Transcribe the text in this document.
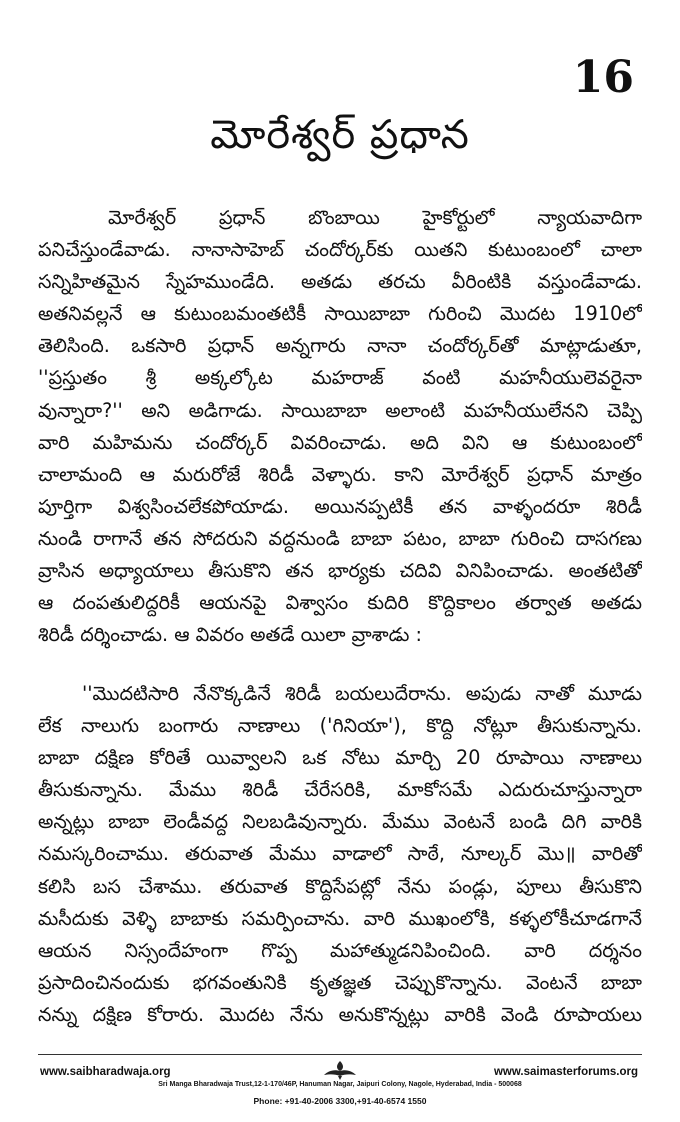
16
మోరేశ్వర్ ప్రధాన
మోరేశ్వర్ ప్రధాన్ బొంబాయి హైకోర్టులో న్యాయవాదిగా
పనిచేస్తుండేవాడు. నానాసాహెబ్ చందోర్కర్‌కు యితని కుటుంబంలో చాలా
సన్నిహితమైన స్నేహముండేది. అతడు తరచు వీరింటికి వస్తుండేవాడు.
అతనివల్లనే ఆ కుటుంబమంతటికీ సాయిబాబా గురించి మొదట 1910లో
తెలిసింది. ఒకసారి ప్రధాన్ అన్నగారు నానా చందోర్కర్‌తో మాట్లాడుతూ,
''ప్రస్తుతం శ్రీ అక్కల్కోట మహరాజ్ వంటి మహనీయులెవరైనా
వున్నారా?'' అని అడిగాడు. సాయిబాబా అలాంటి మహనీయులేనని చెప్పి
వారి మహిమను చందోర్కర్ వివరించాడు. అది విని ఆ కుటుంబంలో
చాలామంది ఆ మరురోజే శిరిడీ వెళ్ళారు. కాని మోరేశ్వర్ ప్రధాన్ మాత్రం
పూర్తిగా విశ్వసించలేకపోయాడు. అయినప్పటికీ తన వాళ్ళందరూ శిరిడీ
నుండి రాగానే తన సోదరుని వద్దనుండి బాబా పటం, బాబా గురించి దాసగణు
వ్రాసిన అధ్యాయాలు తీసుకొని తన భార్యకు చదివి వినిపించాడు. అంతటితో
ఆ దంపతులిద్దరికీ ఆయనపై విశ్వాసం కుదిరి కొద్దికాలం తర్వాత అతడు
శిరిడీ దర్శించాడు. ఆ వివరం అతడే యిలా వ్రాశాడు :
''మొదటిసారి నేనొక్కడినే శిరిడీ బయలుదేరాను. అపుడు నాతో మూడు
లేక నాలుగు బంగారు నాణాలు ('గినియా'), కొద్ది నోట్లూ తీసుకున్నాను.
బాబా దక్షిణ కోరితే యివ్వాలని ఒక నోటు మార్చి 20 రూపాయి నాణాలు
తీసుకున్నాను. మేము శిరిడీ చేరేసరికి, మాకోసమే ఎదురుచూస్తున్నారా
అన్నట్లు బాబా లెండీవద్ద నిలబడివున్నారు. మేము వెంటనే బండి దిగి వారికి
నమస్కరించాము. తరువాత మేము వాడాలో సాఠే, నూల్కర్ మొ॥ వారితో
కలిసి బస చేశాము. తరువాత కొద్దిసేపట్లో నేను పండ్లు, పూలు తీసుకొని
మసీదుకు వెళ్ళి బాబాకు సమర్పించాను. వారి ముఖంలోకి, కళ్ళలోకీచూడగానే
ఆయన నిస్సందేహంగా గొప్ప మహాత్ముడనిపించింది. వారి దర్శనం
ప్రసాదించినందుకు భగవంతునికి కృతజ్ఞత చెప్పుకొన్నాను. వెంటనే బాబా
నన్ను దక్షిణ కోరారు. మొదట నేను అనుకొన్నట్లు వారికి వెండి రూపాయలు
www.saibharadwaja.org	www.saimasterforums.org
Sri Manga Bharadwaja Trust,12-1-170/46P, Hanuman Nagar, Jaipuri Colony, Nagole, Hyderabad, India - 500068
Phone: +91-40-2006 3300,+91-40-6574 1550
